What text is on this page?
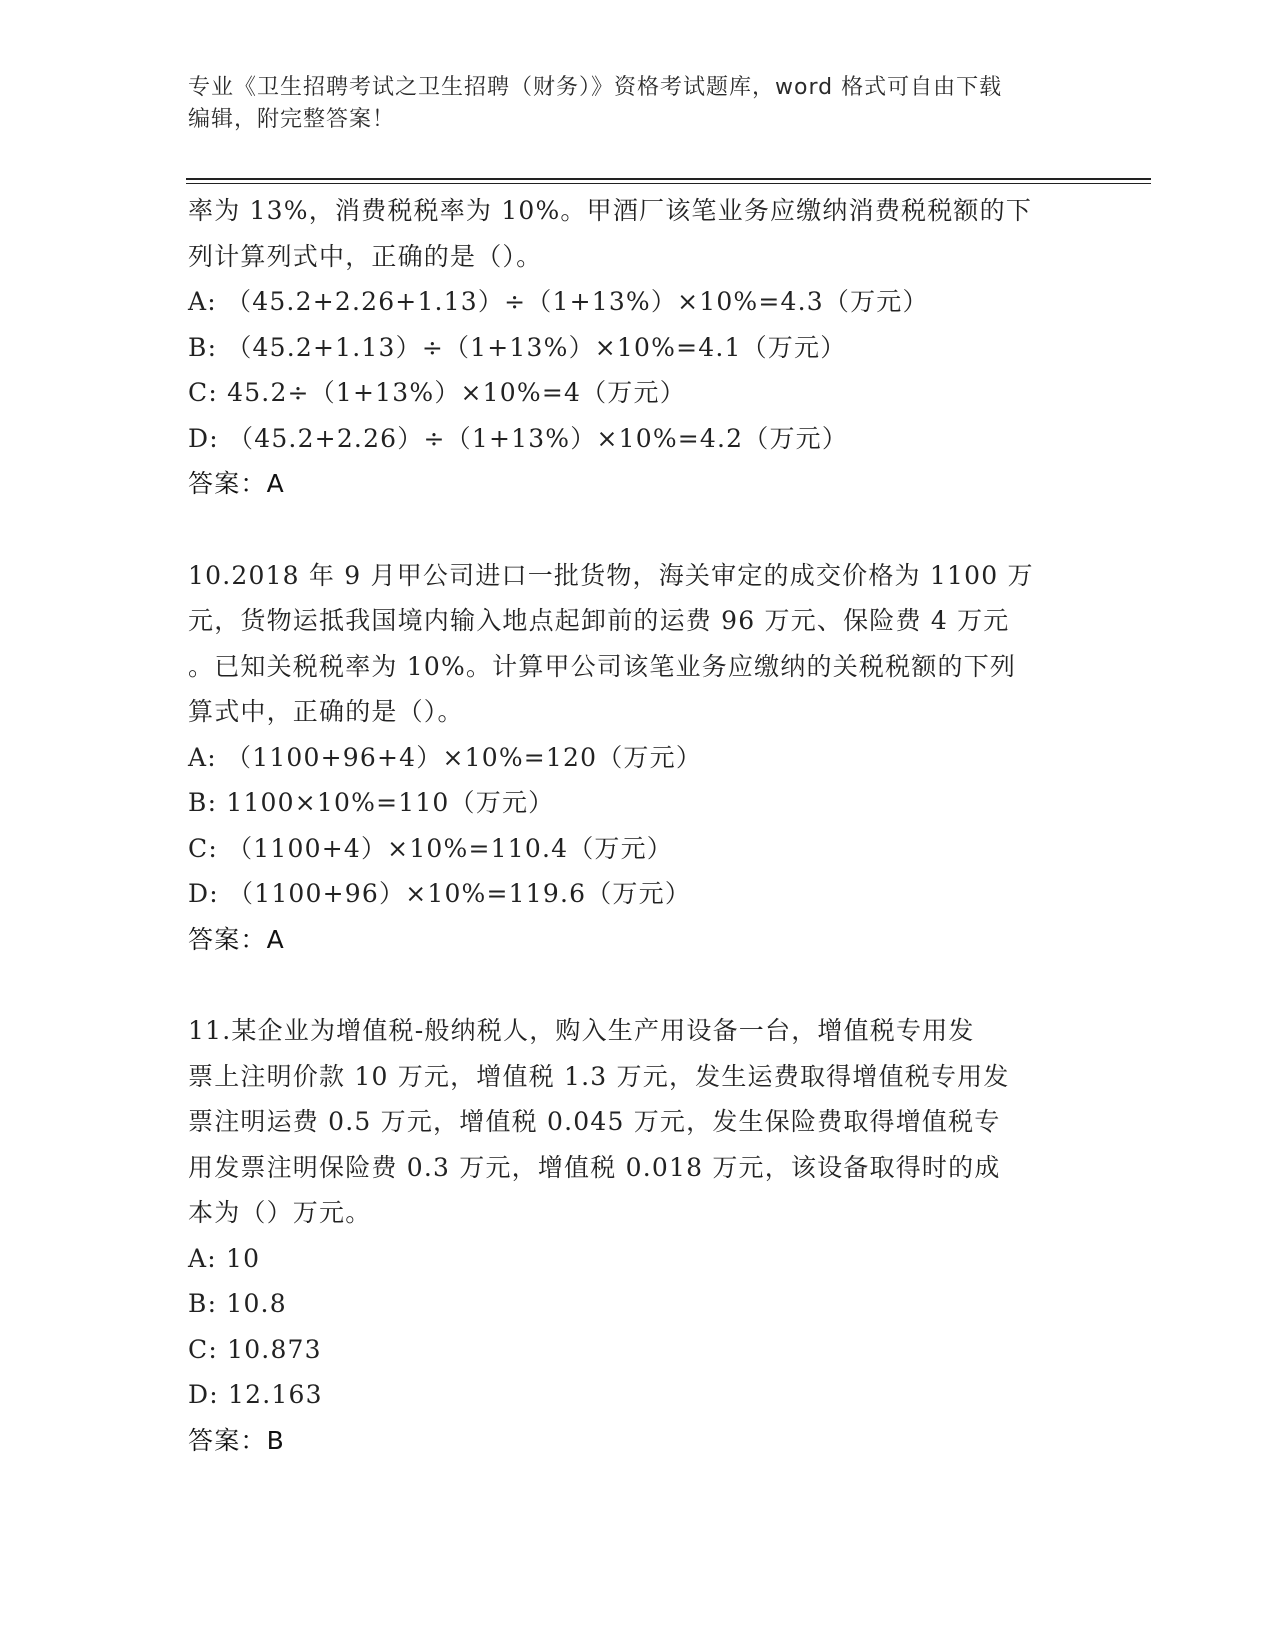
专业《卫生招聘考试之卫生招聘（财务）》资格考试题库，word 格式可自由下载
编辑，附完整答案！
率为 13%，消费税税率为 10%。甲酒厂该笔业务应缴纳消费税税额的下
列计算列式中，正确的是（）。
A: （45.2+2.26+1.13）÷（1+13%）×10%=4.3（万元）
B: （45.2+1.13）÷（1+13%）×10%=4.1（万元）
C: 45.2÷（1+13%）×10%=4（万元）
D: （45.2+2.26）÷（1+13%）×10%=4.2（万元）
答案：A
10.2018 年 9 月甲公司进口一批货物，海关审定的成交价格为 1100 万
元，货物运抵我国境内输入地点起卸前的运费 96 万元、保险费 4 万元
。已知关税税率为 10%。计算甲公司该笔业务应缴纳的关税税额的下列
算式中，正确的是（）。
A: （1100+96+4）×10%=120（万元）
B: 1100×10%=110（万元）
C: （1100+4）×10%=110.4（万元）
D: （1100+96）×10%=119.6（万元）
答案：A
11.某企业为增值税-般纳税人，购入生产用设备一台，增值税专用发
票上注明价款 10 万元，增值税 1.3 万元，发生运费取得增值税专用发
票注明运费 0.5 万元，增值税 0.045 万元，发生保险费取得增值税专
用发票注明保险费 0.3 万元，增值税 0.018 万元，该设备取得时的成
本为（）万元。
A: 10
B: 10.8
C: 10.873
D: 12.163
答案：B
